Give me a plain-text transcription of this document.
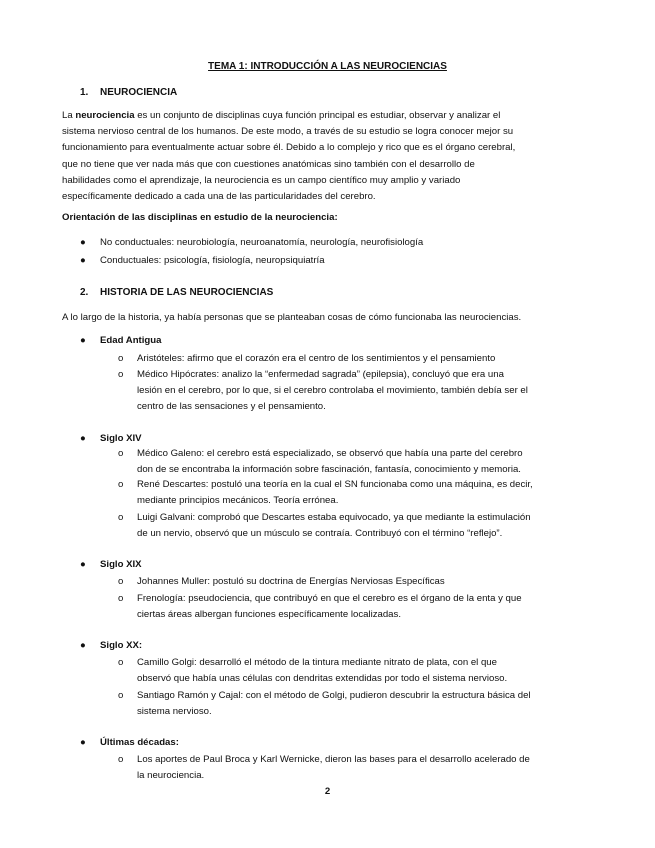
TEMA 1: INTRODUCCIÓN A LAS NEUROCIENCIAS
1. NEUROCIENCIA
La neurociencia es un conjunto de disciplinas cuya función principal es estudiar, observar y analizar el
sistema nervioso central de los humanos. De este modo, a través de su estudio se logra conocer mejor su
funcionamiento para eventualmente actuar sobre él. Debido a lo complejo y rico que es el órgano cerebral,
que no tiene que ver nada más que con cuestiones anatómicas sino también con el desarrollo de
habilidades como el aprendizaje, la neurociencia es un campo científico muy amplio y variado
específicamente dedicado a cada una de las particularidades del cerebro.
Orientación de las disciplinas en estudio de la neurociencia:
● No conductuales: neurobiología, neuroanatomía, neurología, neurofisiología
● Conductuales: psicología, fisiología, neuropsiquiatría
2. HISTORIA DE LAS NEUROCIENCIAS
A lo largo de la historia, ya había personas que se planteaban cosas de cómo funcionaba las neurociencias.
● Edad Antigua
o Aristóteles: afirmo que el corazón era el centro de los sentimientos y el pensamiento
o Médico Hipócrates: analizo la “enfermedad sagrada” (epilepsia), concluyó que era una
lesión en el cerebro, por lo que, si el cerebro controlaba el movimiento, también debía ser el
centro de las sensaciones y el pensamiento.
● Siglo XIV
o Médico Galeno: el cerebro está especializado, se observó que había una parte del cerebro
don de se encontraba la información sobre fascinación, fantasía, conocimiento y memoria.
o René Descartes: postuló una teoría en la cual el SN funcionaba como una máquina, es decir,
mediante principios mecánicos. Teoría errónea.
o Luigi Galvani: comprobó que Descartes estaba equivocado, ya que mediante la estimulación
de un nervio, observó que un músculo se contraía. Contribuyó con el término “reflejo”.
● Siglo XIX
o Johannes Muller: postuló su doctrina de Energías Nerviosas Específicas
o Frenología: pseudociencia, que contribuyó en que el cerebro es el órgano de la enta y que
ciertas áreas albergan funciones específicamente localizadas.
● Siglo XX:
o Camillo Golgi: desarrolló el método de la tintura mediante nitrato de plata, con el que
observó que había unas células con dendritas extendidas por todo el sistema nervioso.
o Santiago Ramón y Cajal: con el método de Golgi, pudieron descubrir la estructura básica del
sistema nervioso.
● Últimas décadas:
o Los aportes de Paul Broca y Karl Wernicke, dieron las bases para el desarrollo acelerado de
la neurociencia.
2
